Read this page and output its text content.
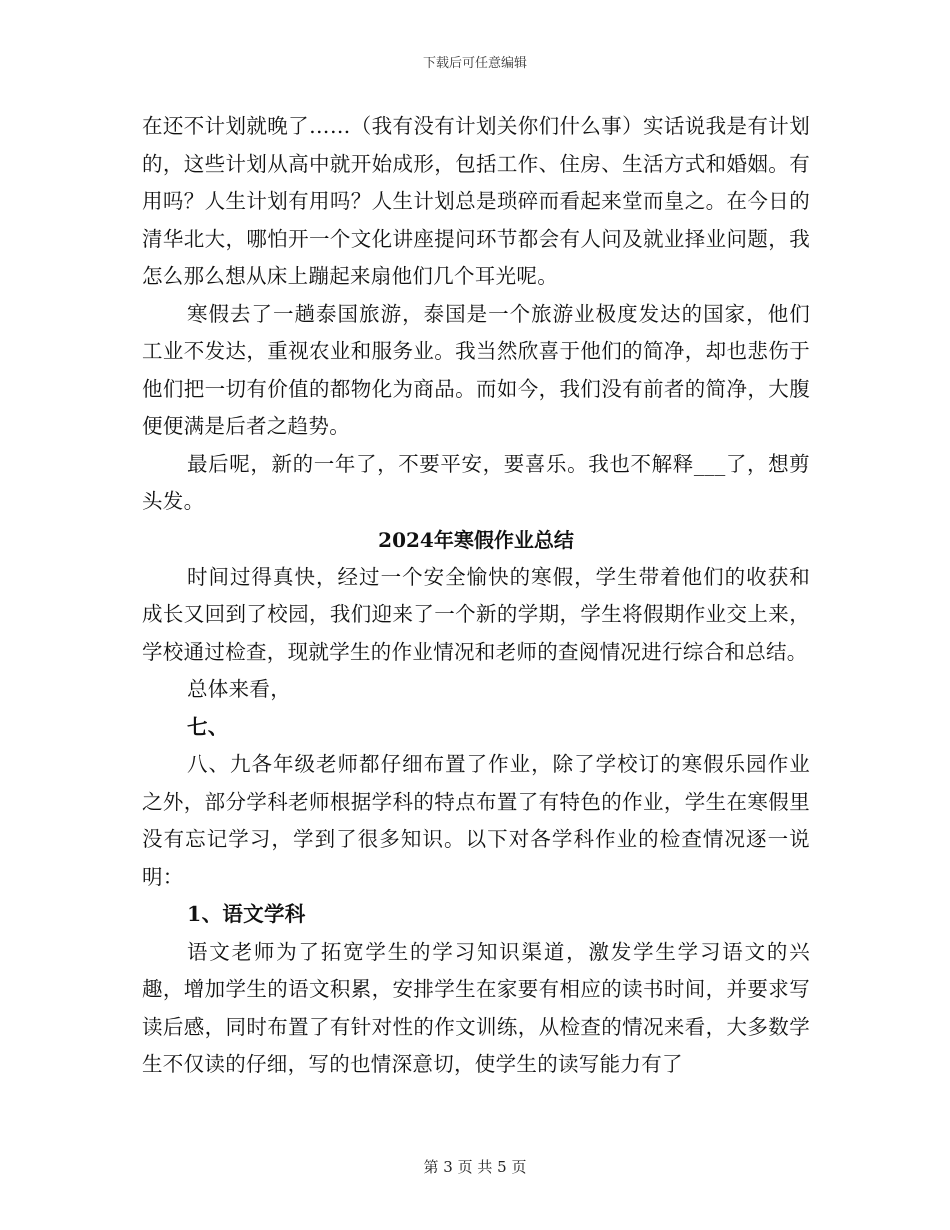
下载后可任意编辑

在还不计划就晚了……（我有没有计划关你们什么事）实话说我是有计划的，这些计划从高中就开始成形，包括工作、住房、生活方式和婚姻。有用吗？人生计划有用吗？人生计划总是琐碎而看起来堂而皇之。在今日的清华北大，哪怕开一个文化讲座提问环节都会有人问及就业择业问题，我怎么那么想从床上蹦起来扇他们几个耳光呢。

寒假去了一趟泰国旅游，泰国是一个旅游业极度发达的国家，他们工业不发达，重视农业和服务业。我当然欣喜于他们的简净，却也悲伤于他们把一切有价值的都物化为商品。而如今，我们没有前者的简净，大腹便便满是后者之趋势。

最后呢，新的一年了，不要平安，要喜乐。我也不解释___了，想剪头发。

2024年寒假作业总结

时间过得真快，经过一个安全愉快的寒假，学生带着他们的收获和成长又回到了校园，我们迎来了一个新的学期，学生将假期作业交上来，学校通过检查，现就学生的作业情况和老师的查阅情况进行综合和总结。

总体来看，

七、

八、九各年级老师都仔细布置了作业，除了学校订的寒假乐园作业之外，部分学科老师根据学科的特点布置了有特色的作业，学生在寒假里没有忘记学习，学到了很多知识。以下对各学科作业的检查情况逐一说明：

1、语文学科

语文老师为了拓宽学生的学习知识渠道，激发学生学习语文的兴趣，增加学生的语文积累，安排学生在家要有相应的读书时间，并要求写读后感，同时布置了有针对性的作文训练，从检查的情况来看，大多数学生不仅读的仔细，写的也情深意切，使学生的读写能力有了

第 3 页 共 5 页
